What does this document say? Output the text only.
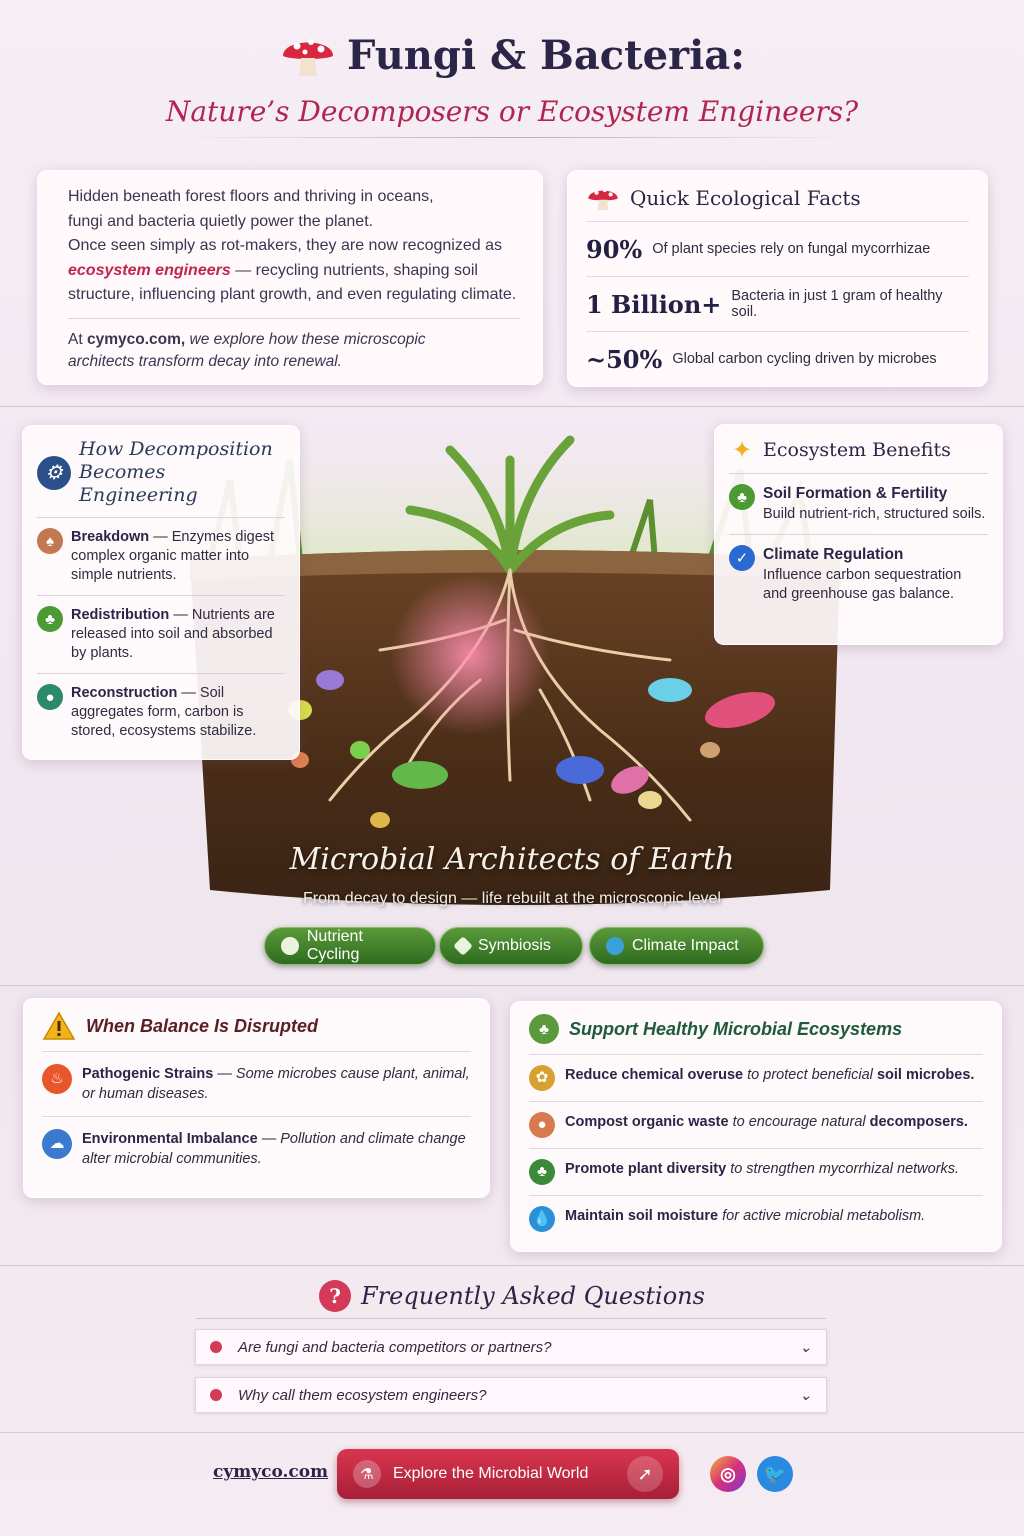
Fungi & Bacteria:
Nature’s Decomposers or Ecosystem Engineers?

Hidden beneath forest floors and thriving in oceans, fungi and bacteria quietly power the planet.

Once seen simply as rot-makers, they are now recognized as ecosystem engineers — recycling nutrients, shaping soil structure, influencing plant growth, and even regulating climate.

At cymyco.com, we explore how these microscopic architects transform decay into renewal.

Quick Ecological Facts
90% Of plant species rely on fungal mycorrhizae
1 Billion+ Bacteria in just 1 gram of healthy soil.
~50% Global carbon cycling driven by microbes
Microbial Architects of Earth
From decay to design — life rebuilt at the microscopic level
Nutrient Cycling
Symbiosis	Climate Impact
⚙
How Decomposition Becomes Engineering
♠	Breakdown — Enzymes digest complex organic matter into simple nutrients.
♣	Redistribution — Nutrients are released into soil and absorbed by plants.
●	Reconstruction — Soil aggregates form, carbon is stored, ecosystems stabilize.
✦ Ecosystem Benefits
♣	Soil Formation & Fertility
Build nutrient-rich, structured soils.
✓ Climate Regulation
Influence carbon sequestration and greenhouse gas balance.
When Balance Is Disrupted
♨	Pathogenic Strains — Some microbes cause plant, animal, or human diseases.
☁	Environmental Imbalance — Pollution and climate change alter microbial communities.
♣	Support Healthy Microbial Ecosystems
✿	Reduce chemical overuse to protect beneficial soil microbes.
●	Compost organic waste to encourage natural decomposers.
♣	Promote plant diversity to strengthen mycorrhizal networks.
💧 Maintain soil moisture for active microbial metabolism.
? Frequently Asked Questions
Are fungi and bacteria competitors or partners?	⌄
Why call them ecosystem engineers?	⌄
cymyco.com	⚗	Explore the Microbial World	➚	◎	🐦
